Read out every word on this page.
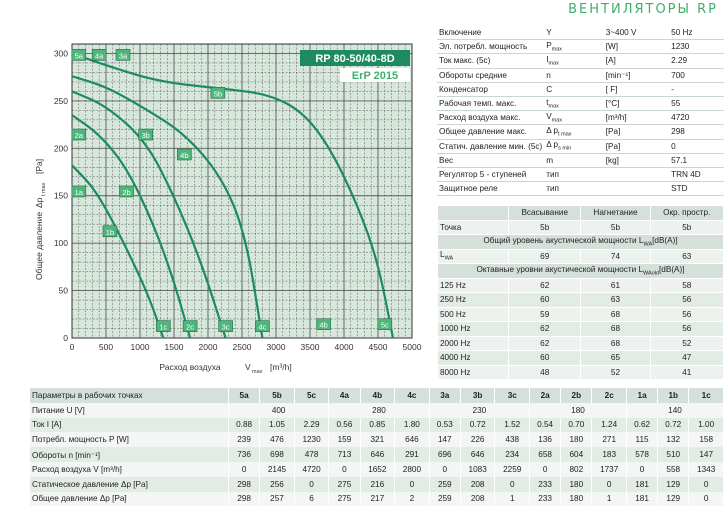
ВЕНТИЛЯТОРЫ RP
0	500 1000 1500 2000 2500 3000 3500 4000 4500 5000
0
50
100
150
200
250
300 5a 4a 3a
5b
3b
4b
2a
2b
1a
1b
1c	2c	3c	4c	4b	5c
RP 80-50/40-8D
ErP 2015
Расход воздуха	V max [m³/h]
Общее давление
Δp
t max
[Pa]
Включение	Y	3~400 V	50 Hz
Эл. потребл. мощность	$P_{max}$	[W]	1230
Ток макс. (5c)	$I_{max}$	[A]	2.29
Обороты средние	n	[min⁻¹]	700
Конденсатор	C	[ F]	-
Рабочая темп. макс.	$t_{max}$	[°C]	55
Расход воздуха макс.	$V_{max}$	[m³/h]	4720
Общее давление макс.	Δ $p_{t max}$	[Pa]	298
Статич. давление мин. (5c)	Δ $p_{s min}$	[Pa]	0
Вес	m	[kg]	57.1
Регулятор 5 - ступеней	тип		TRN 4D
Защитное реле	тип		STD
	Всасывание	Нагнетание	Окр. простр.
Точка	5b	5b	5b
Общий уровень акустической мощности $L_{WA}[dB(A)]$			
$L_{WA}$	69	74	63
Октавные уровни акустической мощности $L_{WAokt}[dB(A)]$			
125 Hz	62	61	58
250 Hz	60	63	56
500 Hz	59	68	56
1000 Hz	62	68	56
2000 Hz	62	68	52
4000 Hz	60	65	47
8000 Hz	48	52	41
Параметры в рабочих точках	5a	5b	5c	4a	4b	4c	3a	3b	3c	2a	2b	2c	1a	1b	1c
Питание U [V]	400			280			230			180			140		
Ток I [A]	0.88	1.05	2.29	0.56	0.85	1.80	0.53	0.72	1.52	0.54	0.70	1.24	0.62	0.72	1.00
Потребл. мощность P [W]	239	476	1230	159	321	646	147	226	438	136	180	271	115	132	158
Обороты n [min⁻¹]	736	698	478	713	646	291	696	646	234	658	604	183	578	510	147
Расход воздуха V [m³/h]	0	2145	4720	0	1652	2800	0	1083	2259	0	802	1737	0	558	1343
Статическое давление Δp [Pa]	298	256	0	275	216	0	259	208	0	233	180	0	181	129	0
Общее давление Δp [Pa]	298	257	6	275	217	2	259	208	1	233	180	1	181	129	0
